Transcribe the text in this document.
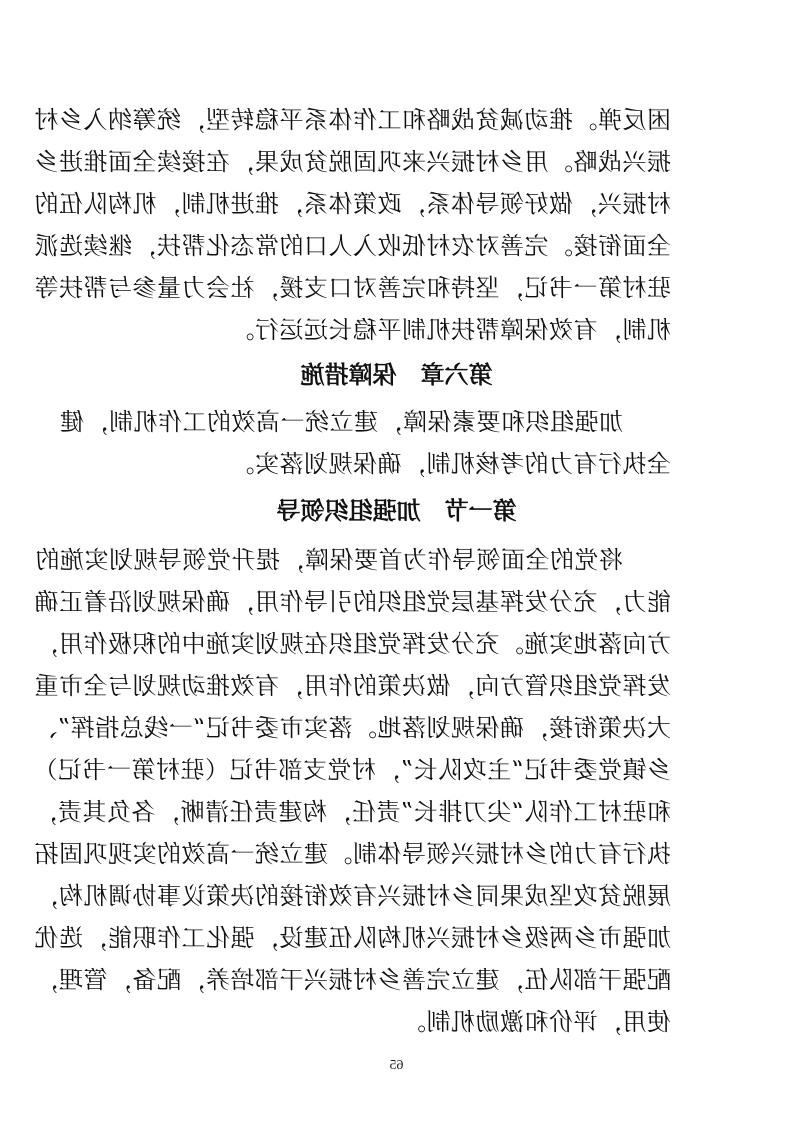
困反弹。推动减贫战略和工作体系平稳转型，统筹纳入乡村
振兴战略。用乡村振兴来巩固脱贫成果，在接续全面推进乡
村振兴，做好领导体系，政策体系，推进机制，机构队伍的
全面衔接。完善对农村低收入人口的常态化帮扶，继续选派
驻村第一书记，坚持和完善对口支援，社会力量参与帮扶等
机制，有效保障帮扶机制平稳长远运行。
第六章　保障措施
加强组织和要素保障，建立统一高效的工作机制，健
全执行有力的考核机制，确保规划落实。
第一节　加强组织领导
将党的全面领导作为首要保障，提升党领导规划实施的
能力，充分发挥基层党组织的引导作用，确保规划沿着正确
方向落地实施。充分发挥党组织在规划实施中的积极作用，
发挥党组织管方向，做决策的作用，有效推动规划与全市重
大决策衔接，确保规划落地。落实市委书记“一线总指挥”、
乡镇党委书记“主攻队长”，村党支部书记（驻村第一书记）
和驻村工作队“尖刀排长”责任，构建责任清晰，各负其责，
执行有力的乡村振兴领导体制。建立统一高效的实现巩固拓
展脱贫攻坚成果同乡村振兴有效衔接的决策议事协调机构，
加强市乡两级乡村振兴机构队伍建设，强化工作职能，选优
配强干部队伍，建立完善乡村振兴干部培养，配备，管理，
使用，评价和激励机制。
65
